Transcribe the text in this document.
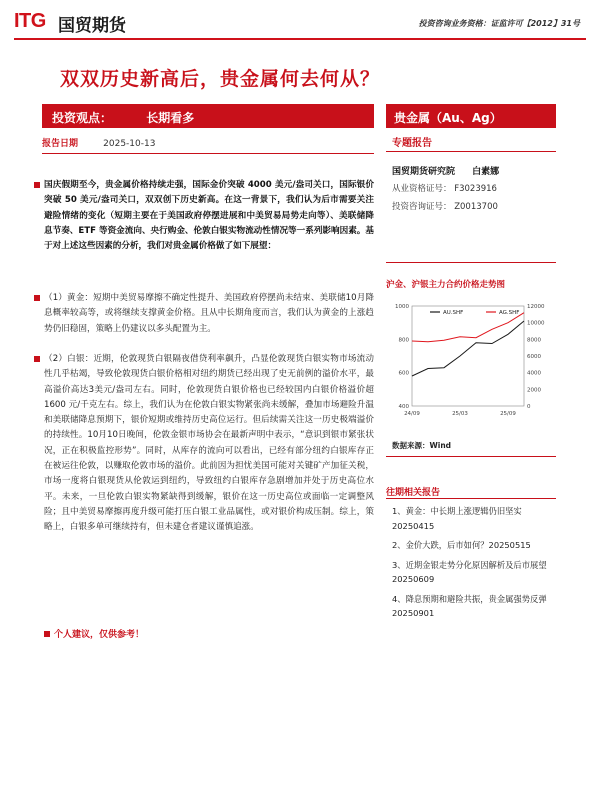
ITG 国贸期货	投资咨询业务资格：证监许可【2012】31号
双双历史新高后，贵金属何去何从？
投资观点：	长期看多
报告日期	2025-10-13
贵金属（Au、Ag）
专题报告
国贸期货研究院 白素娜
从业资格证号： F3023916
投资咨询证号： Z0013700
国庆假期至今，贵金属价格持续走强，国际金价突破 4000 美元/盎司关口，国际银价突破 50 美元/盎司关口，双双创下历史新高。在这一背景下，我们认为后市需要关注避险情绪的变化（短期主要在于美国政府停摆进展和中美贸易局势走向等）、美联储降息节奏、ETF 等资金流向、央行购金、伦敦白银实物流动性情况等一系列影响因素。基于对上述这些因素的分析，我们对贵金属价格做了如下展望：
（1）黄金：短期中美贸易摩擦不确定性提升、美国政府停摆尚未结束、美联储10月降息概率较高等，或将继续支撑黄金价格。且从中长期角度而言，我们认为黄金的上涨趋势仍旧稳固，策略上仍建议以多头配置为主。
（2）白银：近期，伦敦现货白银隔夜借贷利率飙升，凸显伦敦现货白银实物市场流动性几乎枯竭，导致伦敦现货白银价格相对纽约期货已经出现了史无前例的溢价水平，最高溢价高达3美元/盎司左右。同时，伦敦现货白银价格也已经较国内白银价格溢价超1600 元/千克左右。综上，我们认为在伦敦白银实物紧张尚未缓解，叠加市场避险升温和美联储降息预期下，银价短期或维持历史高位运行。但后续需关注这一历史极端溢价的持续性。10月10日晚间，伦敦金银市场协会在最新声明中表示，“意识到银市紧张状况，正在积极监控形势”。同时，从库存的流向可以看出，已经有部分纽约白银库存正在被运往伦敦，以赚取伦敦市场的溢价。此前因为担忧美国可能对关键矿产加征关税，市场一度将白银现货从伦敦运到纽约，导致纽约白银库存急剧增加并处于历史高位水平。未来，一旦伦敦白银实物紧缺得到缓解，银价在这一历史高位或面临一定调整风险；且中美贸易摩擦再度升级可能打压白银工业品属性，或对银价构成压制。综上，策略上，白银多单可继续持有，但未建仓者建议谨慎追涨。
个人建议，仅供参考！
沪金、沪银主力合约价格走势图
400
600
800
1000
0
2000
4000
6000
8000
10000
12000
24/09	25/03	25/09
AU.SHF	AG.SHF
数据来源：Wind
往期相关报告
1、黄金：中长期上涨逻辑仍旧坚实 20250415
2、金价大跌，后市如何？20250515
3、近期金银走势分化原因解析及后市展望 20250609
4、降息预期和避险共振，贵金属强势反弹 20250901
